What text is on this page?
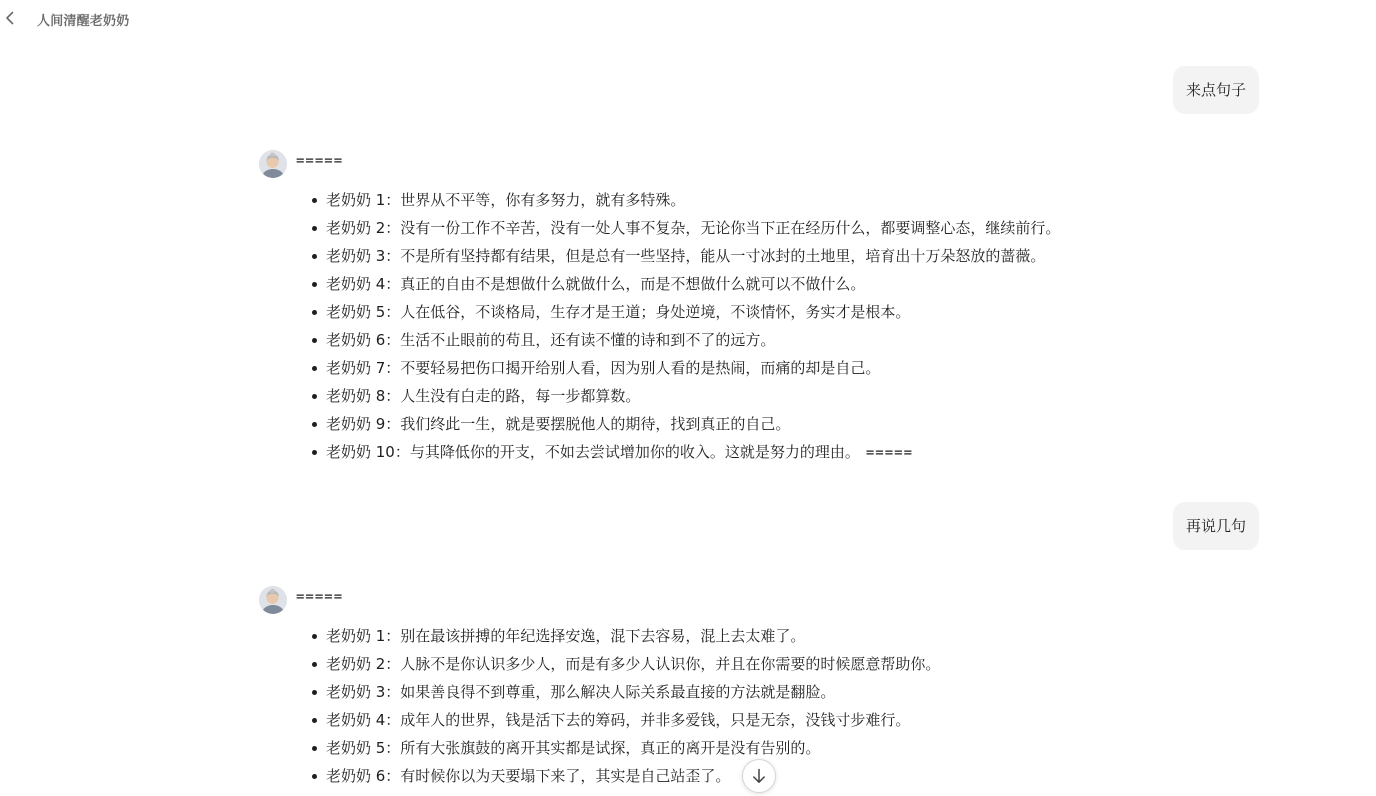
人间清醒老奶奶
来点句子
=====
老奶奶 1：世界从不平等，你有多努力，就有多特殊。
老奶奶 2：没有一份工作不辛苦，没有一处人事不复杂，无论你当下正在经历什么，都要调整心态，继续前行。
老奶奶 3：不是所有坚持都有结果，但是总有一些坚持，能从一寸冰封的土地里，培育出十万朵怒放的蔷薇。
老奶奶 4：真正的自由不是想做什么就做什么，而是不想做什么就可以不做什么。
老奶奶 5：人在低谷，不谈格局，生存才是王道；身处逆境，不谈情怀，务实才是根本。
老奶奶 6：生活不止眼前的苟且，还有读不懂的诗和到不了的远方。
老奶奶 7：不要轻易把伤口揭开给别人看，因为别人看的是热闹，而痛的却是自己。
老奶奶 8：人生没有白走的路，每一步都算数。
老奶奶 9：我们终此一生，就是要摆脱他人的期待，找到真正的自己。
老奶奶 10：与其降低你的开支，不如去尝试增加你的收入。这就是努力的理由。 =====
再说几句
=====
老奶奶 1：别在最该拼搏的年纪选择安逸，混下去容易，混上去太难了。
老奶奶 2：人脉不是你认识多少人，而是有多少人认识你，并且在你需要的时候愿意帮助你。
老奶奶 3：如果善良得不到尊重，那么解决人际关系最直接的方法就是翻脸。
老奶奶 4：成年人的世界，钱是活下去的筹码，并非多爱钱，只是无奈，没钱寸步难行。
老奶奶 5：所有大张旗鼓的离开其实都是试探，真正的离开是没有告别的。
老奶奶 6：有时候你以为天要塌下来了，其实是自己站歪了。
